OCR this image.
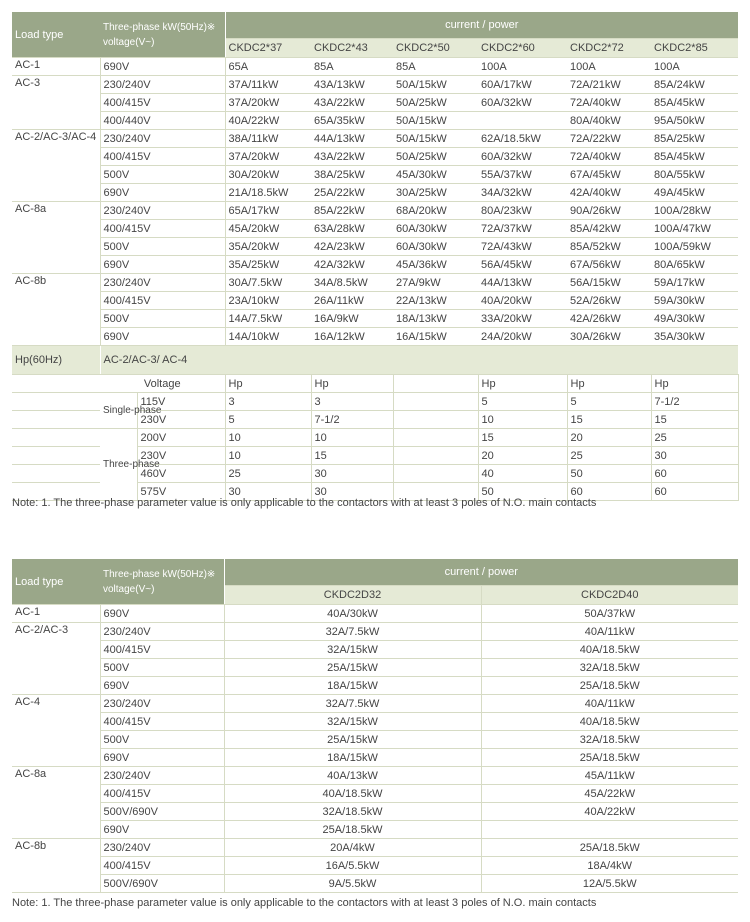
Load type	Three-phase kW(50Hz)※
voltage(V~)		current / power					
			CKDC2*37	CKDC2*43	CKDC2*50	CKDC2*60	CKDC2*72	CKDC2*85
AC-1	690V		65A	85A	85A	100A	100A	100A
AC-3	230/240V		37A/11kW	43A/13kW	50A/15kW	60A/17kW	72A/21kW	85A/24kW
	400/415V		37A/20kW	43A/22kW	50A/25kW	60A/32kW	72A/40kW	85A/45kW
	400/440V		40A/22kW	65A/35kW	50A/15kW		80A/40kW	95A/50kW
AC-2/AC-3/AC-4	230/240V		38A/11kW	44A/13kW	50A/15kW	62A/18.5kW	72A/22kW	85A/25kW
	400/415V		37A/20kW	43A/22kW	50A/25kW	60A/32kW	72A/40kW	85A/45kW
	500V		30A/20kW	38A/25kW	45A/30kW	55A/37kW	67A/45kW	80A/55kW
	690V		21A/18.5kW	25A/22kW	30A/25kW	34A/32kW	42A/40kW	49A/45kW
AC-8a	230/240V		65A/17kW	85A/22kW	68A/20kW	80A/23kW	90A/26kW	100A/28kW
	400/415V		45A/20kW	63A/28kW	60A/30kW	72A/37kW	85A/42kW	100A/47kW
	500V		35A/20kW	42A/23kW	60A/30kW	72A/43kW	85A/52kW	100A/59kW
	690V		35A/25kW	42A/32kW	45A/36kW	56A/45kW	67A/56kW	80A/65kW
AC-8b	230/240V		30A/7.5kW	34A/8.5kW	27A/9kW	44A/13kW	56A/15kW	59A/17kW
	400/415V		23A/10kW	26A/11kW	22A/13kW	40A/20kW	52A/26kW	59A/30kW
	500V		14A/7.5kW	16A/9kW	18A/13kW	33A/20kW	42A/26kW	49A/30kW
	690V		14A/10kW	16A/12kW	16A/15kW	24A/20kW	30A/26kW	35A/30kW
Hp(60Hz)	AC-2/AC-3/ AC-4							
	Voltage		Hp	Hp		Hp	Hp	Hp
	Single-phase	115V	3	3		5	5	7-1/2
		230V	5	7-1/2		10	15	15
	Three-phase	200V	10	10		15	20	25
		230V	10	15		20	25	30
		460V	25	30		40	50	60
		575V	30	30		50	60	60
Note: 1. The three-phase parameter value is only applicable to the contactors with at least 3 poles of N.O. main contacts
Load type	Three-phase kW(50Hz)※
voltage(V~)	current / power	
		CKDC2D32	CKDC2D40
AC-1	690V	40A/30kW	50A/37kW
AC-2/AC-3	230/240V	32A/7.5kW	40A/11kW
	400/415V	32A/15kW	40A/18.5kW
	500V	25A/15kW	32A/18.5kW
	690V	18A/15kW	25A/18.5kW
AC-4	230/240V	32A/7.5kW	40A/11kW
	400/415V	32A/15kW	40A/18.5kW
	500V	25A/15kW	32A/18.5kW
	690V	18A/15kW	25A/18.5kW
AC-8a	230/240V	40A/13kW	45A/11kW
	400/415V	40A/18.5kW	45A/22kW
	500V/690V	32A/18.5kW	40A/22kW
	690V	25A/18.5kW	
AC-8b	230/240V	20A/4kW	25A/18.5kW
	400/415V	16A/5.5kW	18A/4kW
	500V/690V	9A/5.5kW	12A/5.5kW
Note: 1. The three-phase parameter value is only applicable to the contactors with at least 3 poles of N.O. main contacts
